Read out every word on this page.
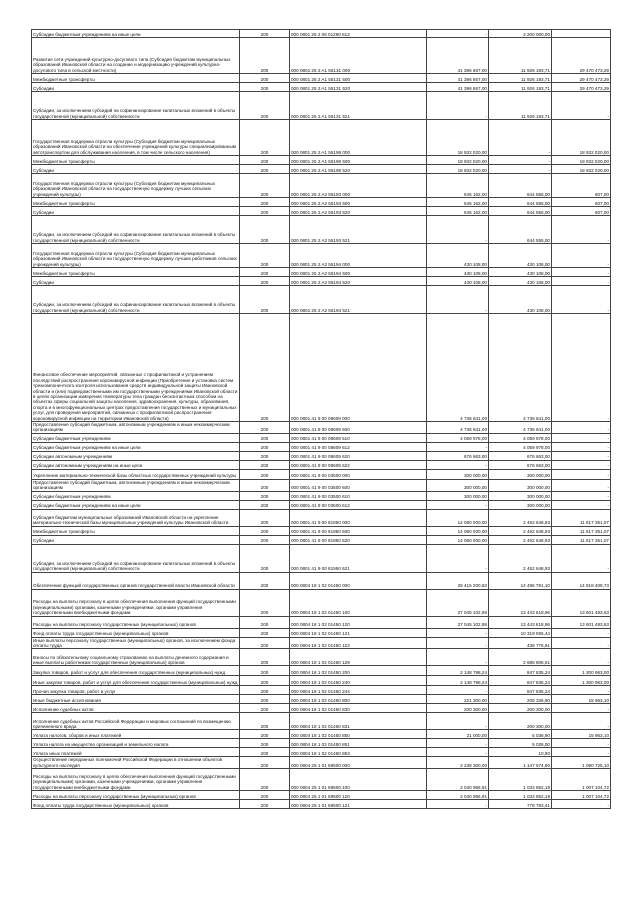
Субсидии бюджетным учреждениям на иные цели	200	000 0801 25 2 06 01260 612	-	2 200 000,00	
Развитие сети учреждений культурно-досугового типа (Субсидия бюджетам муниципальных образований Ивановской области на создание и модернизацию учреждений культурно-досугового типа в сельской местности)	200	000 0801 25 2 A1 55131 000	41 396 667,00	11 926 193,71	29 470 473,29
Межбюджетные трансферты	200	000 0801 25 2 A1 55131 500	41 396 667,00	11 926 193,71	29 470 473,29
Субсидии	200	000 0801 25 2 A1 55131 520	41 396 667,00	11 926 193,71	29 470 473,29
Субсидии, за исключением субсидий на софинансирование капитальных вложений в объекты государственной (муниципальной) собственности	200	000 0801 25 2 A1 55131 521	-	11 926 193,71	-
Государственная поддержка отрасли культуры (Субсидия бюджетам муниципальных образований Ивановской области на обеспечение учреждений культуры специализированным автотранспортом для обслуживания населения, в том числе сельского населения)	200	000 0801 25 2 A1 55198 000	18 932 020,00	-	18 932 020,00
Межбюджетные трансферты	200	000 0801 25 2 A1 55198 500	18 932 020,00	-	18 932 020,00
Субсидии	200	000 0801 25 2 A1 55198 520	18 932 020,00	-	18 932 020,00
Государственная поддержка отрасли культуры (Субсидия бюджетам муниципальных образований Ивановской области на государственную поддержку лучших сельских учреждений культуры)	200	000 0801 25 2 A2 55193 000	645 162,00	644 555,00	607,00
Межбюджетные трансферты	200	000 0801 25 2 A2 55193 500	645 162,00	644 555,00	607,00
Субсидии	200	000 0801 25 2 A2 55193 520	645 162,00	644 555,00	607,00
Субсидии, за исключением субсидий на софинансирование капитальных вложений в объекты государственной (муниципальной) собственности	200	000 0801 25 2 A2 55193 521	-	644 555,00	-
Государственная поддержка отрасли культуры (Субсидия бюджетам муниципальных образований Ивановской области на государственную поддержку лучших работников сельских учреждений культуры)	200	000 0801 25 2 A2 55194 000	430 108,00	430 108,00	-
Межбюджетные трансферты	200	000 0801 25 2 A2 55194 500	430 108,00	430 108,00	-
Субсидии	200	000 0801 25 2 A2 55194 520	430 108,00	430 108,00	-
Субсидии, за исключением субсидий на софинансирование капитальных вложений в объекты государственной (муниципальной) собственности	200	000 0801 25 2 A2 55194 521	-	430 108,00	-
Финансовое обеспечение мероприятий, связанных с профилактикой и устранением последствий распространения коронавирусной инфекции (Приобретение и установка систем трехкомпонентного контроля использования средств индивидуальной защиты Ивановской области и (или) подведомственными им государственными учреждениями Ивановской области в целях организации измерения температуры тела граждан бесконтактным способом на объектах сферы социальной защиты населения, здравоохранения, культуры, образования, спорта и в многофункциональных центрах предоставления государственных и муниципальных услуг, для проведения мероприятий, связанных с профилактикой распространения коронавирусной инфекции на территории Ивановской области)	200	000 0801 41 9 00 08609 000	4 736 641,00	4 736 641,00	-
Предоставление субсидий бюджетным, автономным учреждениям и иным некоммерческим организациям	200	000 0801 41 9 00 08609 600	4 736 641,00	4 736 641,00	-
Субсидии бюджетным учреждениям	200	000 0801 41 9 00 08609 610	4 059 978,00	4 059 978,00	-
Субсидии бюджетным учреждениям на иные цели	200	000 0801 41 9 00 08609 612	-	4 059 978,00	-
Субсидии автономным учреждениям	200	000 0801 41 9 00 08609 620	676 663,00	676 663,00	-
Субсидии автономным учреждениям на иные цели	200	000 0801 41 9 00 08609 622	-	676 663,00	-
Укрепление материально-технической базы областных государственных учреждений культуры	200	000 0801 41 9 00 03500 000	300 000,00	300 000,00	-
Предоставление субсидий бюджетным, автономным учреждениям и иным некоммерческим организациям	200	000 0801 41 9 00 03500 600	300 000,00	300 000,00	-
Субсидии бюджетным учреждениям	200	000 0801 41 9 00 03500 610	300 000,00	300 000,00	-
Субсидии бюджетным учреждениям на иные цели	200	000 0801 41 9 00 03500 612	-	300 000,00	-
Субсидия бюджетам муниципальных образований Ивановской области на укрепление материально-технической базы муниципальных учреждений культуры Ивановской области	200	000 0801 41 9 00 81950 000	14 080 000,00	2 462 648,93	11 617 351,07
Межбюджетные трансферты	200	000 0801 41 9 00 81950 500	14 080 000,00	2 462 648,93	11 617 351,07
Субсидии	200	000 0801 41 9 00 81950 520	14 080 000,00	2 462 648,93	11 617 351,07
Субсидии, за исключением субсидий на софинансирование капитальных вложений в объекты государственной (муниципальной) собственности	200	000 0801 41 9 00 81950 521	-	2 462 648,93	-
Обеспечение функций государственных органов государственной власти Ивановской области	200	000 0804 18 1 02 01450 000	29 415 200,83	14 496 791,10	14 918 409,73
Расходы на выплаты персоналу в целях обеспечения выполнения функций государственными (муниципальными) органами, казенными учреждениями, органами управления государственными внебюджетными фондами	200	000 0804 18 1 02 01450 100	27 045 102,59	13 443 618,96	13 601 483,63
Расходы на выплаты персоналу государственных (муниципальных) органов	200	000 0804 18 1 02 01450 120	27 045 102,59	13 443 618,96	13 601 483,63
Фонд оплаты труда государственных (муниципальных) органов	200	000 0804 18 1 02 01450 121	-	10 319 065,44	-
Иные выплаты персоналу государственных (муниципальных) органов, за исключением фонда оплаты труда	200	000 0804 18 1 02 01450 122	-	438 776,91	-
Взносы по обязательному социальному страхованию на выплаты денежного содержания и иные выплаты работникам государственных (муниципальных) органов	200	000 0804 18 1 02 01450 129	-	2 685 806,61	-
Закупка товаров, работ и услуг для обеспечения государственных (муниципальных) нужд	200	000 0804 18 1 02 01450 200	2 148 798,24	847 835,24	1 300 963,00
Иные закупки товаров, работ и услуг для обеспечения государственных (муниципальных) нужд	200	000 0804 18 1 02 01450 240	2 148 798,24	847 835,24	1 300 963,00
Прочая закупка товаров, работ и услуг	200	000 0804 18 1 02 01450 244	-	847 835,24	-
Иные бюджетные ассигнования	200	000 0804 18 1 02 01450 800	221 300,00	205 336,90	15 963,10
Исполнение судебных актов	200	000 0804 18 1 02 01450 830	200 300,00	200 300,00	-
Исполнение судебных актов Российской Федерации и мировых соглашений по возмещению причиненного вреда	200	000 0804 18 1 02 01450 831	-	200 300,00	-
Уплата налогов, сборов и иных платежей	200	000 0804 18 1 02 01450 850	21 000,00	5 036,90	15 963,10
Уплата налога на имущество организаций и земельного налога	200	000 0804 18 1 02 01450 851	-	5 026,00	-
Уплата иных платежей	200	000 0804 18 1 02 01450 853	-	10,90	-
Осуществление переданных полномочий Российской Федерации в отношении объектов культурного наследия	200	000 0804 25 1 01 59500 000	2 238 300,00	1 147 574,90	1 090 725,10
Расходы на выплаты персоналу в целях обеспечения выполнения функций государственными (муниципальными) органами, казенными учреждениями, органами управления государственными внебюджетными фондами	200	000 0804 25 1 01 59500 100	2 040 956,91	1 033 852,19	1 007 104,72
Расходы на выплаты персоналу государственных (муниципальных) органов	200	000 0804 25 1 01 59500 120	2 040 956,91	1 033 852,19	1 007 104,72
Фонд оплаты труда государственных (муниципальных) органов	200	000 0804 25 1 01 59500 121	-	778 783,41	-
